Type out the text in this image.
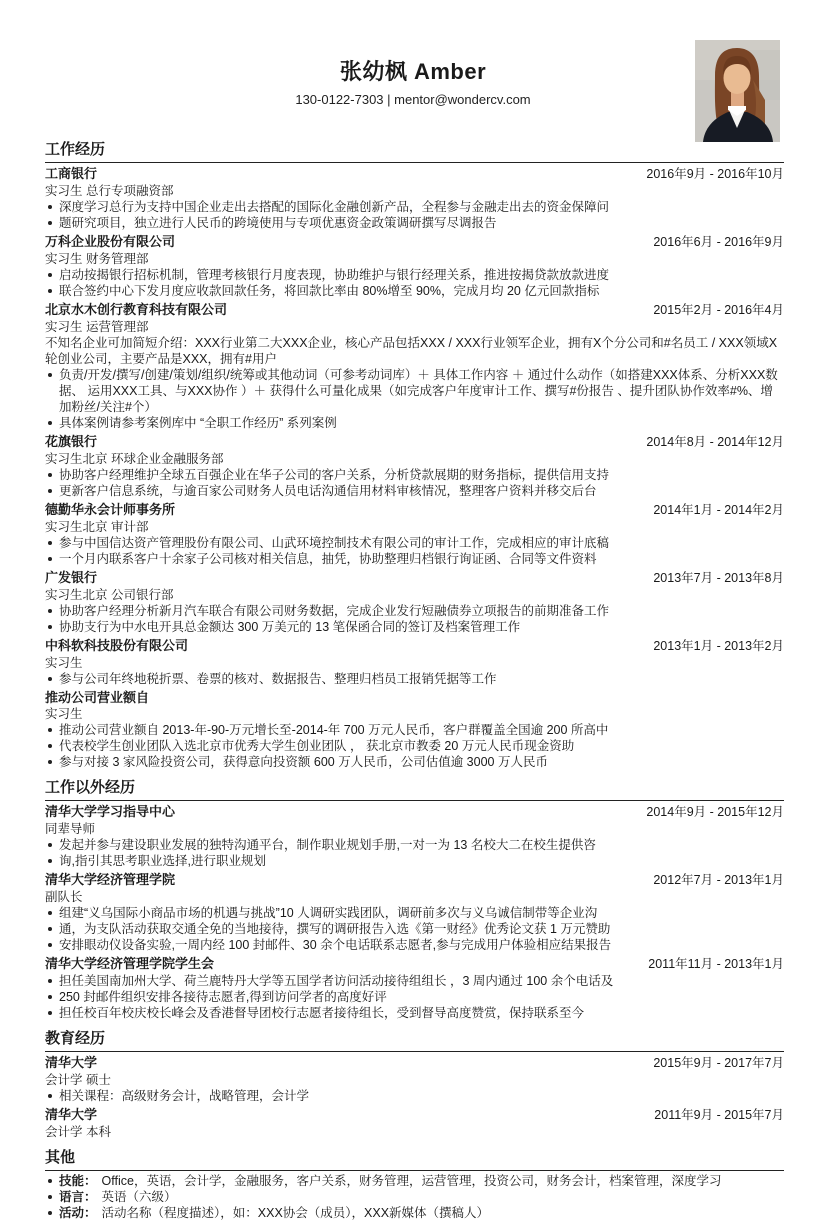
张幼枫 Amber
130-0122-7303 | mentor@wondercv.com
工作经历
工商银行	2016年9月 - 2016年10月
实习生 总行专项融资部
深度学习总行为支持中国企业走出去搭配的国际化金融创新产品，全程参与金融走出去的资金保障问
题研究项目，独立进行人民币的跨境使用与专项优惠资金政策调研撰写尽调报告
万科企业股份有限公司	2016年6月 - 2016年9月
实习生 财务管理部
启动按揭银行招标机制，管理考核银行月度表现，协助维护与银行经理关系，推进按揭贷款放款进度
联合签约中心下发月度应收款回款任务，将回款比率由 80%增至 90%，完成月均 20 亿元回款指标
北京水木创行教育科技有限公司	2015年2月 - 2016年4月
实习生 运营管理部
不知名企业可加简短介绍：XXX行业第二大XXX企业，核心产品包括XXX / XXX行业领军企业，拥有X个分公司和#名员工 / XXX领域X轮创业公司，主要产品是XXX，拥有#用户
负责/开发/撰写/创建/策划/组织/统筹或其他动词（可参考动词库）＋ 具体工作内容 ＋ 通过什么动作（如搭建XXX体系、分析XXX数据、 运用XXX工具、与XXX协作 ）＋ 获得什么可量化成果（如完成客户年度审计工作、撰写#份报告 、提升团队协作效率#%、增加粉丝/关注#个）
具体案例请参考案例库中 “全职工作经历” 系列案例
花旗银行	2014年8月 - 2014年12月
实习生北京 环球企业金融服务部
协助客户经理维护全球五百强企业在华子公司的客户关系，分析贷款展期的财务指标，提供信用支持
更新客户信息系统，与逾百家公司财务人员电话沟通信用材料审核情况，整理客户资料并移交后台
德勤华永会计师事务所	2014年1月 - 2014年2月
实习生北京 审计部
参与中国信达资产管理股份有限公司、山武环境控制技术有限公司的审计工作，完成相应的审计底稿
一个月内联系客户十余家子公司核对相关信息，抽凭，协助整理归档银行询证函、合同等文件资料
广发银行	2013年7月 - 2013年8月
实习生北京 公司银行部
协助客户经理分析新月汽车联合有限公司财务数据，完成企业发行短融债券立项报告的前期准备工作
协助支行为中水电开具总金额达 300 万美元的 13 笔保函合同的签订及档案管理工作
中科软科技股份有限公司	2013年1月 - 2013年2月
实习生
参与公司年终地税折票、卷票的核对、数据报告、整理归档员工报销凭据等工作
推动公司营业额自
实习生
推动公司营业额自 2013-年-90-万元增长至-2014-年 700 万元人民币，客户群覆盖全国逾 200 所高中
代表校学生创业团队入选北京市优秀大学生创业团队 ， 获北京市教委 20 万元人民币现金资助
参与对接 3 家风险投资公司，获得意向投资额 600 万人民币，公司估值逾 3000 万人民币
工作以外经历
清华大学学习指导中心	2014年9月 - 2015年12月
同辈导师
发起并参与建设职业发展的独特沟通平台，制作职业规划手册,一对一为 13 名校大二在校生提供咨
询,指引其思考职业选择,进行职业规划
清华大学经济管理学院	2012年7月 - 2013年1月
副队长
组建“义乌国际小商品市场的机遇与挑战”10 人调研实践团队，调研前多次与义乌诚信制带等企业沟
通，为支队活动获取交通全免的当地接待，撰写的调研报告入选《第一财经》优秀论文获 1 万元赞助
安排眼动仪设备实验,一周内经 100 封邮件、30 余个电话联系志愿者,参与完成用户体验相应结果报告
清华大学经济管理学院学生会	2011年11月 - 2013年1月
担任美国南加州大学、荷兰鹿特丹大学等五国学者访问活动接待组组长 ，3 周内通过 100 余个电话及
250 封邮件组织安排各接待志愿者,得到访问学者的高度好评
担任校百年校庆校长峰会及香港督导团校行志愿者接待组长，受到督导高度赞赏，保持联系至今
教育经历
清华大学	2015年9月 - 2017年7月
会计学 硕士
相关课程：高级财务会计，战略管理，会计学
清华大学	2011年9月 - 2015年7月
会计学 本科
其他
技能： Office，英语，会计学，金融服务，客户关系，财务管理，运营管理，投资公司，财务会计，档案管理，深度学习
语言： 英语（六级）
活动： 活动名称（程度描述），如：XXX协会（成员），XXX新媒体（撰稿人）
